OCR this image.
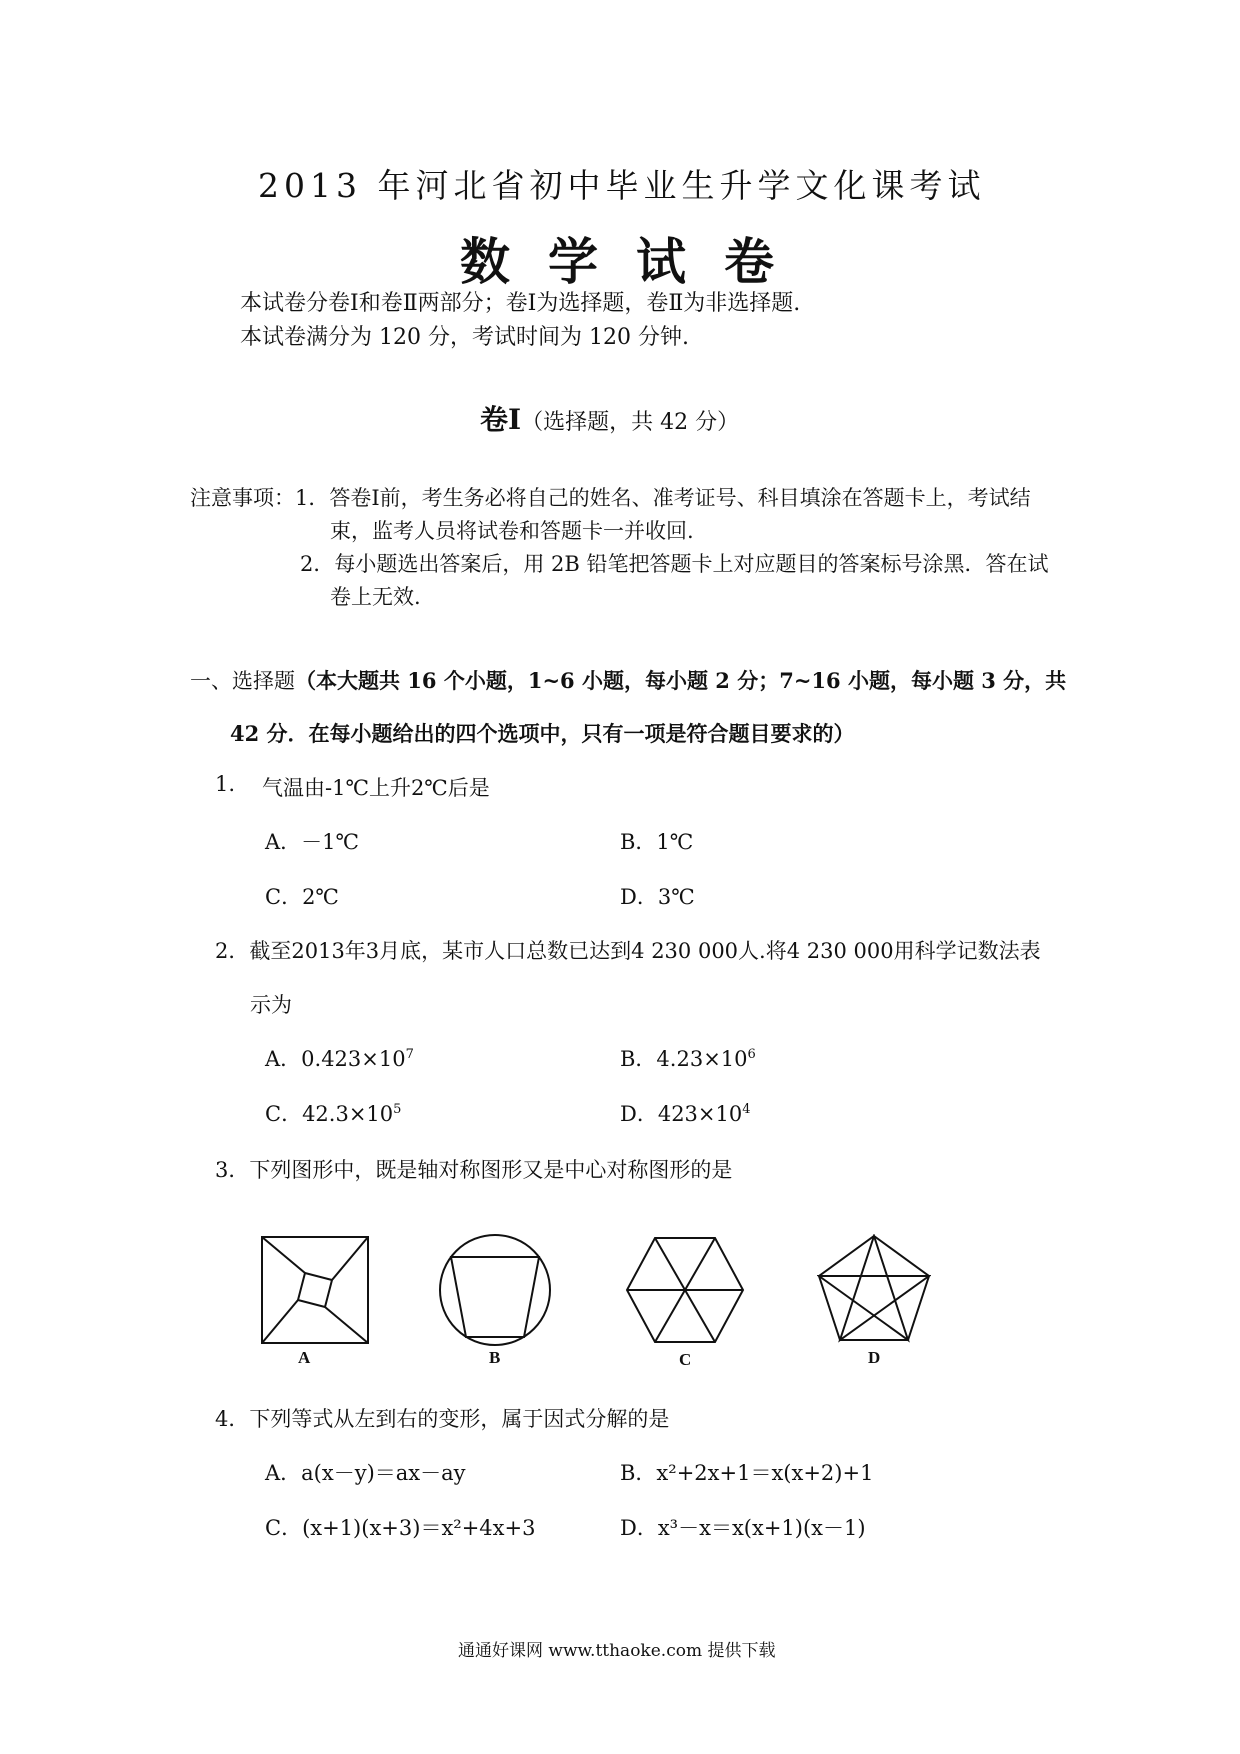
2013 年河北省初中毕业生升学文化课考试
数学试卷
本试卷分卷Ⅰ和卷Ⅱ两部分；卷Ⅰ为选择题，卷Ⅱ为非选择题.
本试卷满分为 120 分，考试时间为 120 分钟.
卷Ⅰ（选择题，共 42 分）
注意事项：1．答卷Ⅰ前，考生务必将自己的姓名、准考证号、科目填涂在答题卡上，考试结
束，监考人员将试卷和答题卡一并收回.
2．每小题选出答案后，用 2B 铅笔把答题卡上对应题目的答案标号涂黑．答在试
卷上无效.
一、选择题（本大题共 16 个小题，1~6 小题，每小题 2 分；7~16 小题，每小题 3 分，共
42 分．在每小题给出的四个选项中，只有一项是符合题目要求的）
1. 气温由-1℃上升2℃后是
A．－1℃	B．1℃
C．2℃	D．3℃
2．截至2013年3月底，某市人口总数已达到4 230 000人.将4 230 000用科学记数法表
示为
A．$0.423\times 10^7$	B．$4.23\times 10^6$
C．$42.3\times 10^5$	D．$423\times 10^4$
3．下列图形中，既是轴对称图形又是中心对称图形的是
A	B	C	D
4．下列等式从左到右的变形，属于因式分解的是
A．a(x－y)＝ax－ay	B．x²+2x+1＝x(x+2)+1
C．(x+1)(x+3)＝x²+4x+3	D．x³－x＝x(x+1)(x－1)
通通好课网 www.tthaoke.com 提供下载
